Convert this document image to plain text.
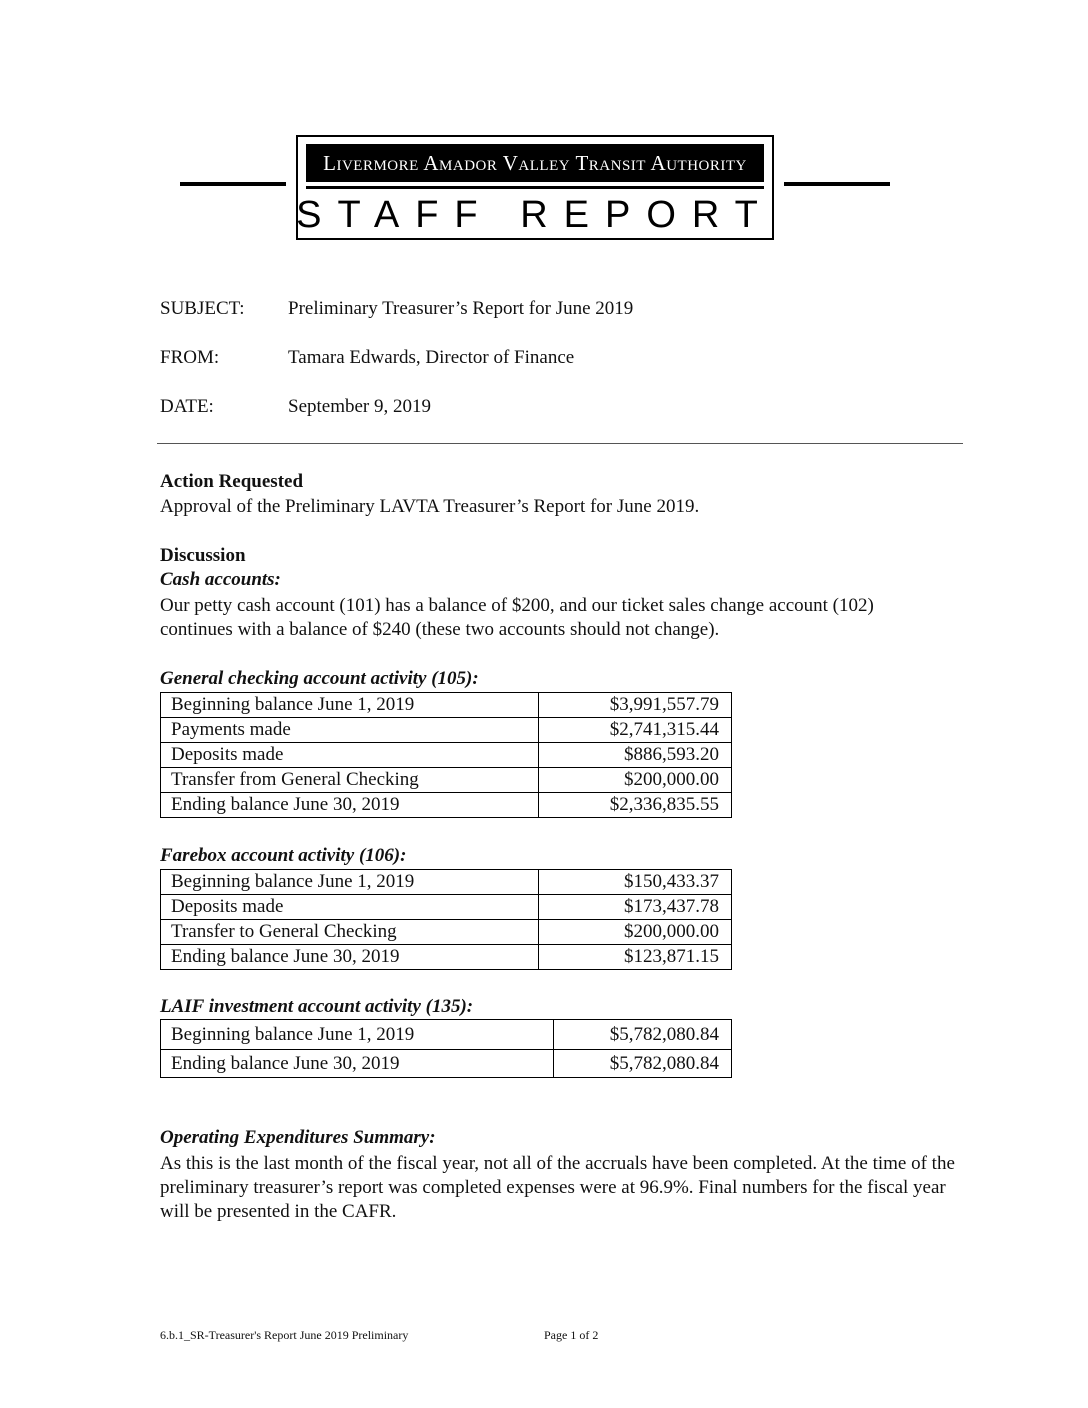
Livermore Amador Valley Transit Authority
STAFF REPORT
SUBJECT: Preliminary Treasurer’s Report for June 2019
FROM:	Tamara Edwards, Director of Finance
DATE:	September 9, 2019
Action Requested
Approval of the Preliminary LAVTA Treasurer’s Report for June 2019.
Discussion
Cash accounts:
Our petty cash account (101) has a balance of $200, and our ticket sales change account (102) continues with a balance of $240 (these two accounts should not change).
General checking account activity (105):
Beginning balance June 1, 2019	$3,991,557.79
Payments made	$2,741,315.44
Deposits made	$886,593.20
Transfer from General Checking	$200,000.00
Ending balance June 30, 2019	$2,336,835.55
Farebox account activity (106):
Beginning balance June 1, 2019	$150,433.37
Deposits made	$173,437.78
Transfer to General Checking	$200,000.00
Ending balance June 30, 2019	$123,871.15
LAIF investment account activity (135):
Beginning balance June 1, 2019	$5,782,080.84
Ending balance June 30, 2019	$5,782,080.84
Operating Expenditures Summary:
As this is the last month of the fiscal year, not all of the accruals have been completed. At the time of the preliminary treasurer’s report was completed expenses were at 96.9%. Final numbers for the fiscal year will be presented in the CAFR.
6.b.1_SR-Treasurer's Report June 2019 Preliminary	Page 1 of 2
